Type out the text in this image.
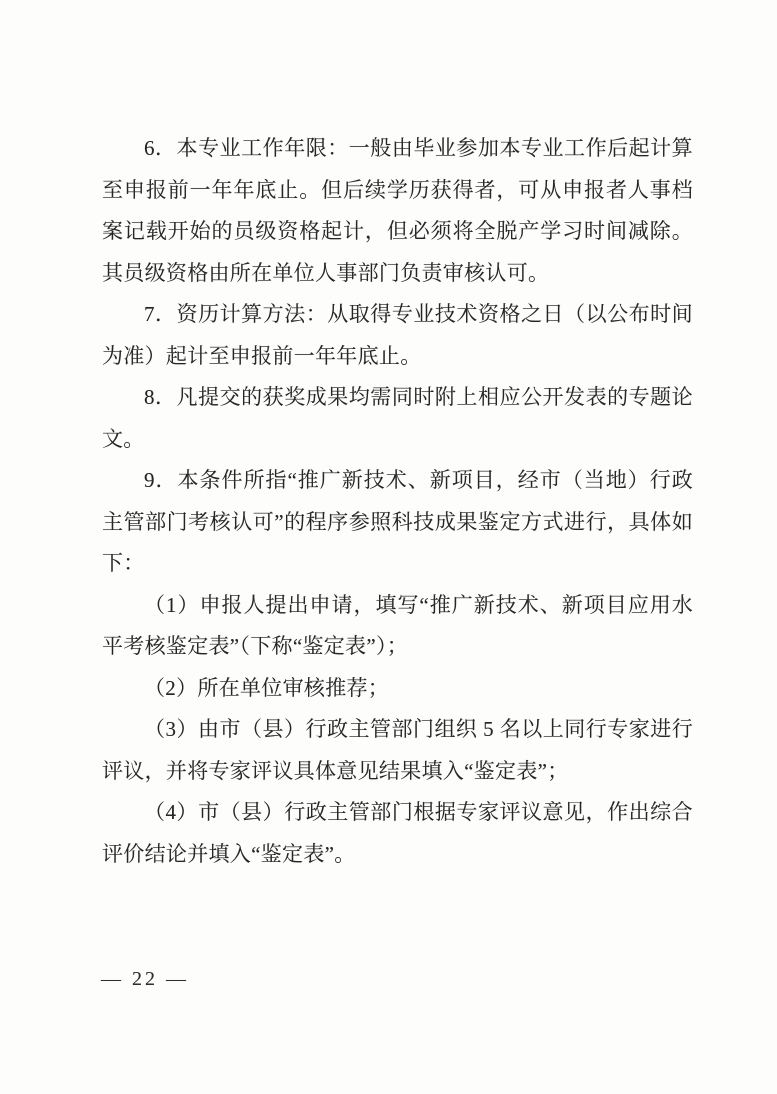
6．本专业工作年限：一般由毕业参加本专业工作后起计算至申报前一年年底止。但后续学历获得者，可从申报者人事档案记载开始的员级资格起计，但必须将全脱产学习时间减除。其员级资格由所在单位人事部门负责审核认可。

7．资历计算方法：从取得专业技术资格之日（以公布时间为准）起计至申报前一年年底止。

8．凡提交的获奖成果均需同时附上相应公开发表的专题论文。

9．本条件所指“推广新技术、新项目，经市（当地）行政主管部门考核认可”的程序参照科技成果鉴定方式进行，具体如下：

（1）申报人提出申请，填写“推广新技术、新项目应用水平考核鉴定表”（下称“鉴定表”）；

（2）所在单位审核推荐；

（3）由市（县）行政主管部门组织 5 名以上同行专家进行评议，并将专家评议具体意见结果填入“鉴定表”；

（4）市（县）行政主管部门根据专家评议意见，作出综合评价结论并填入“鉴定表”。

— 22 —
